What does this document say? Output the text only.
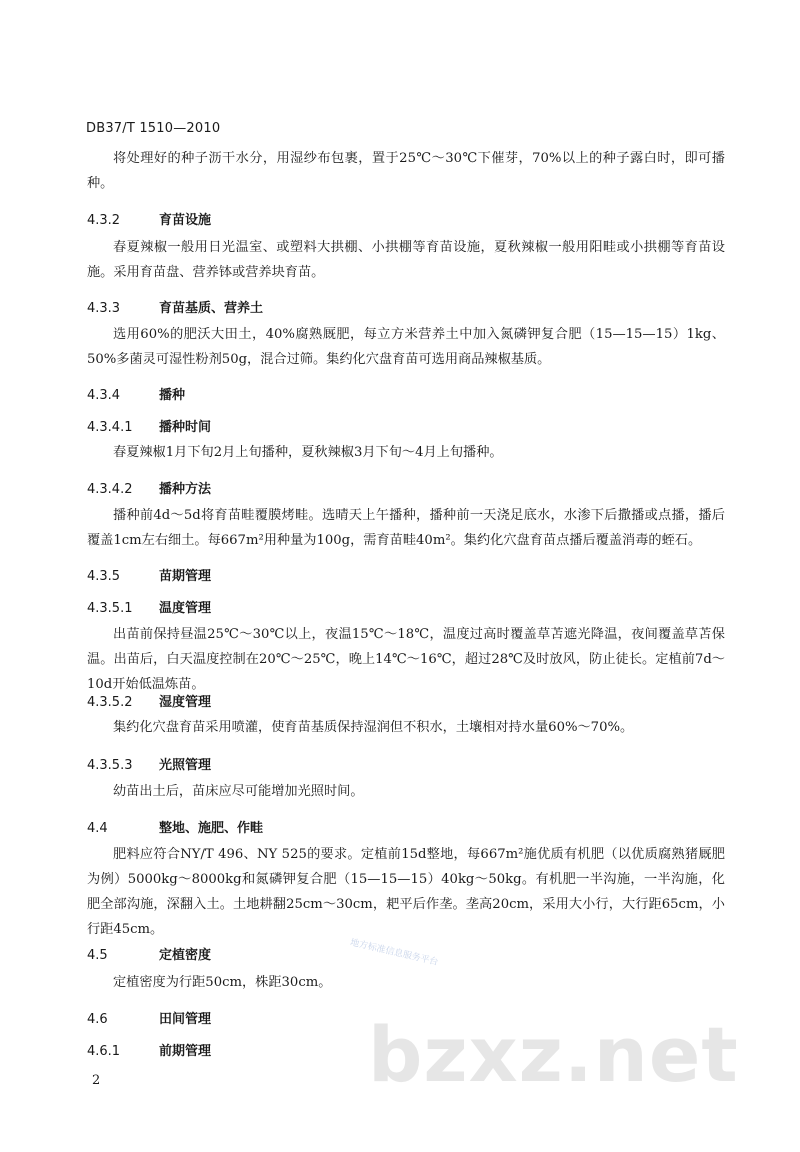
DB37/T 1510—2010

将处理好的种子沥干水分，用湿纱布包裹，置于25℃～30℃下催芽，70%以上的种子露白时，即可播种。

4.3.2	育苗设施

春夏辣椒一般用日光温室、或塑料大拱棚、小拱棚等育苗设施，夏秋辣椒一般用阳畦或小拱棚等育苗设施。采用育苗盘、营养钵或营养块育苗。

4.3.3	育苗基质、营养土

选用60%的肥沃大田土，40%腐熟厩肥，每立方米营养土中加入氮磷钾复合肥（15—15—15）1kg、50%多菌灵可湿性粉剂50g，混合过筛。集约化穴盘育苗可选用商品辣椒基质。

4.3.4	播种
4.3.4.1 播种时间

春夏辣椒1月下旬2月上旬播种，夏秋辣椒3月下旬～4月上旬播种。

4.3.4.2 播种方法

播种前4d～5d将育苗畦覆膜烤畦。选晴天上午播种，播种前一天浇足底水，水渗下后撒播或点播，播后覆盖1cm左右细土。每667m²用种量为100g，需育苗畦40m²。集约化穴盘育苗点播后覆盖消毒的蛭石。

4.3.5	苗期管理
4.3.5.1 温度管理

出苗前保持昼温25℃～30℃以上，夜温15℃～18℃，温度过高时覆盖草苫遮光降温，夜间覆盖草苫保温。出苗后，白天温度控制在20℃～25℃，晚上14℃～16℃，超过28℃及时放风，防止徒长。定植前7d～10d开始低温炼苗。

4.3.5.2 湿度管理

集约化穴盘育苗采用喷灌，使育苗基质保持湿润但不积水，土壤相对持水量60%～70%。

4.3.5.3 光照管理

幼苗出土后，苗床应尽可能增加光照时间。

4.4	整地、施肥、作畦

肥料应符合NY/T 496、NY 525的要求。定植前15d整地，每667m²施优质有机肥（以优质腐熟猪厩肥为例）5000kg～8000kg和氮磷钾复合肥（15—15—15）40kg～50kg。有机肥一半沟施，一半沟施，化肥全部沟施，深翻入土。土地耕翻25cm～30cm，耙平后作垄。垄高20cm，采用大小行，大行距65cm，小行距45cm。

4.5	定植密度

定植密度为行距50cm，株距30cm。

4.6	田间管理
4.6.1	前期管理
地方标准信息服务平台
bzxz.net
2
